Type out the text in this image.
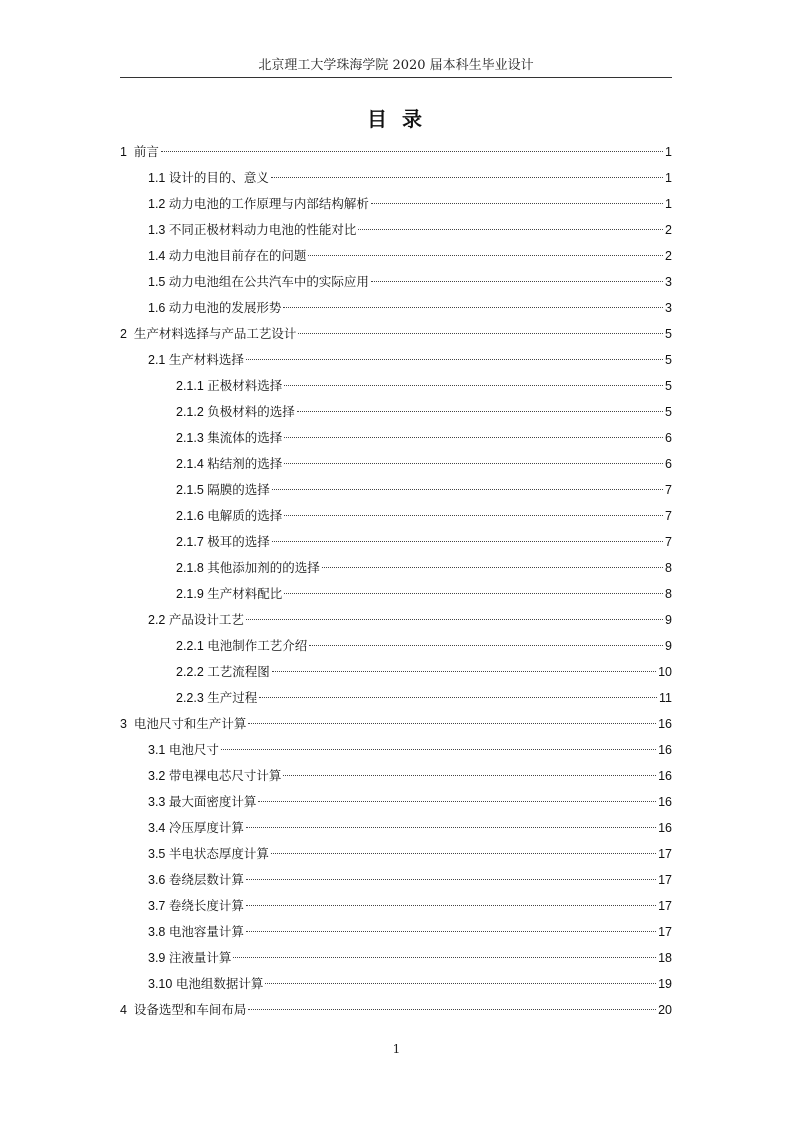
北京理工大学珠海学院 2020 届本科生毕业设计
目 录
1 前言	1
1.1 设计的目的、意义	1
1.2 动力电池的工作原理与内部结构解析	1
1.3 不同正极材料动力电池的性能对比	2
1.4 动力电池目前存在的问题	2
1.5 动力电池组在公共汽车中的实际应用	3
1.6 动力电池的发展形势	3
2 生产材料选择与产品工艺设计	5
2.1 生产材料选择	5
2.1.1 正极材料选择	5
2.1.2 负极材料的选择	5
2.1.3 集流体的选择	6
2.1.4 粘结剂的选择	6
2.1.5 隔膜的选择	7
2.1.6 电解质的选择	7
2.1.7 极耳的选择	7
2.1.8 其他添加剂的的选择	8
2.1.9 生产材料配比	8
2.2 产品设计工艺	9
2.2.1 电池制作工艺介绍	9
2.2.2 工艺流程图	10
2.2.3 生产过程	11
3 电池尺寸和生产计算	16
3.1 电池尺寸	16
3.2 带电裸电芯尺寸计算	16
3.3 最大面密度计算	16
3.4 冷压厚度计算	16
3.5 半电状态厚度计算	17
3.6 卷绕层数计算	17
3.7 卷绕长度计算	17
3.8 电池容量计算	17
3.9 注液量计算	18
3.10 电池组数据计算	19
4 设备选型和车间布局	20
1
